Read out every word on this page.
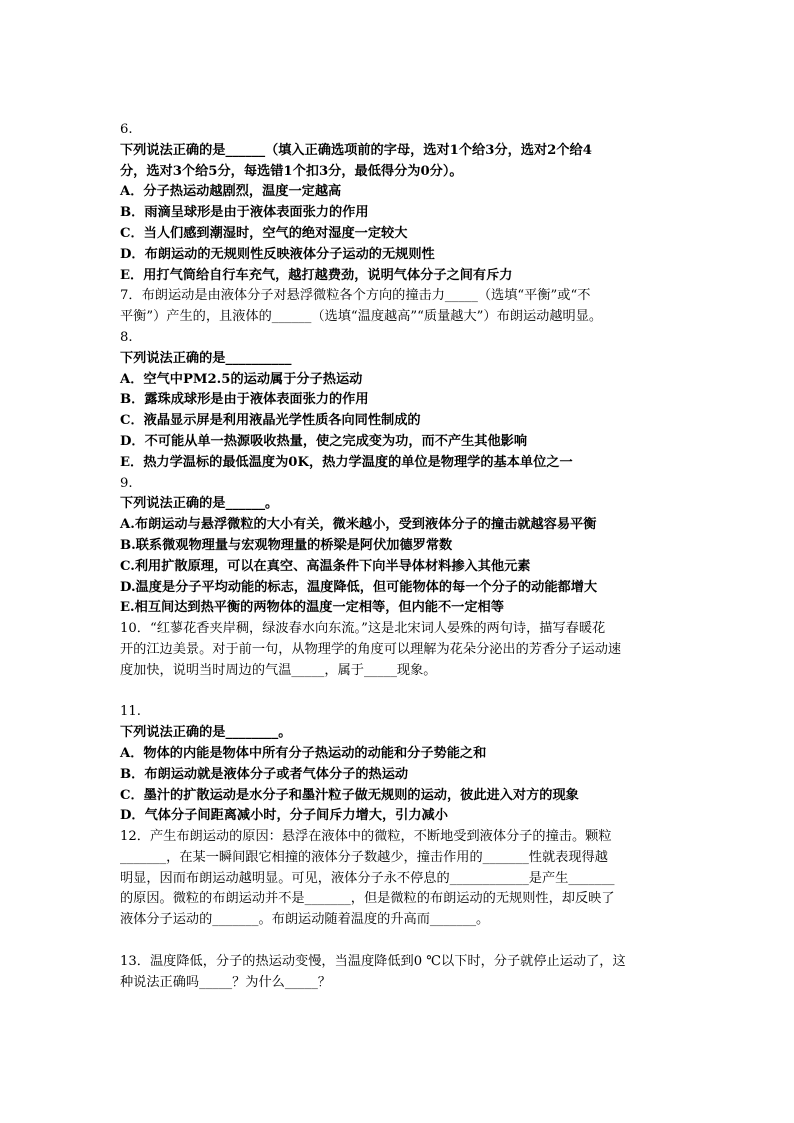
6.
下列说法正确的是______（填入正确选项前的字母，选对1个给3分，选对2个给4
分，选对3个给5分，每选错1个扣3分，最低得分为0分）。
A．分子热运动越剧烈，温度一定越高
B．雨滴呈球形是由于液体表面张力的作用
C．当人们感到潮湿时，空气的绝对湿度一定较大
D．布朗运动的无规则性反映液体分子运动的无规则性
E．用打气筒给自行车充气，越打越费劲，说明气体分子之间有斥力
7．布朗运动是由液体分子对悬浮微粒各个方向的撞击力_____（选填“平衡”或“不
平衡”）产生的，且液体的______（选填“温度越高”“质量越大”）布朗运动越明显。
8.
下列说法正确的是__________
A．空气中PM2.5的运动属于分子热运动
B．露珠成球形是由于液体表面张力的作用
C．液晶显示屏是利用液晶光学性质各向同性制成的
D．不可能从单一热源吸收热量，使之完成变为功，而不产生其他影响
E．热力学温标的最低温度为0K，热力学温度的单位是物理学的基本单位之一
9.
下列说法正确的是______。
A.布朗运动与悬浮微粒的大小有关，微米越小，受到液体分子的撞击就越容易平衡
B.联系微观物理量与宏观物理量的桥梁是阿伏加德罗常数
C.利用扩散原理，可以在真空、高温条件下向半导体材料掺入其他元素
D.温度是分子平均动能的标志，温度降低，但可能物体的每一个分子的动能都增大
E.相互间达到热平衡的两物体的温度一定相等，但内能不一定相等
10．“红蓼花香夹岸稠，绿波春水向东流。”这是北宋词人晏殊的两句诗，描写春暖花
开的江边美景。对于前一句，从物理学的角度可以理解为花朵分泌出的芳香分子运动速
度加快，说明当时周边的气温_____，属于_____现象。
11.
下列说法正确的是________。
A．物体的内能是物体中所有分子热运动的动能和分子势能之和
B．布朗运动就是液体分子或者气体分子的热运动
C．墨汁的扩散运动是水分子和墨汁粒子做无规则的运动，彼此进入对方的现象
D．气体分子间距离减小时，分子间斥力增大，引力减小
12．产生布朗运动的原因：悬浮在液体中的微粒，不断地受到液体分子的撞击。颗粒
_______，在某一瞬间跟它相撞的液体分子数越少，撞击作用的_______性就表现得越
明显，因而布朗运动越明显。可见，液体分子永不停息的____________是产生_______
的原因。微粒的布朗运动并不是_______，但是微粒的布朗运动的无规则性，却反映了
液体分子运动的_______。布朗运动随着温度的升高而_______。
13．温度降低，分子的热运动变慢，当温度降低到0 ℃以下时，分子就停止运动了，这
种说法正确吗_____？为什么_____？
